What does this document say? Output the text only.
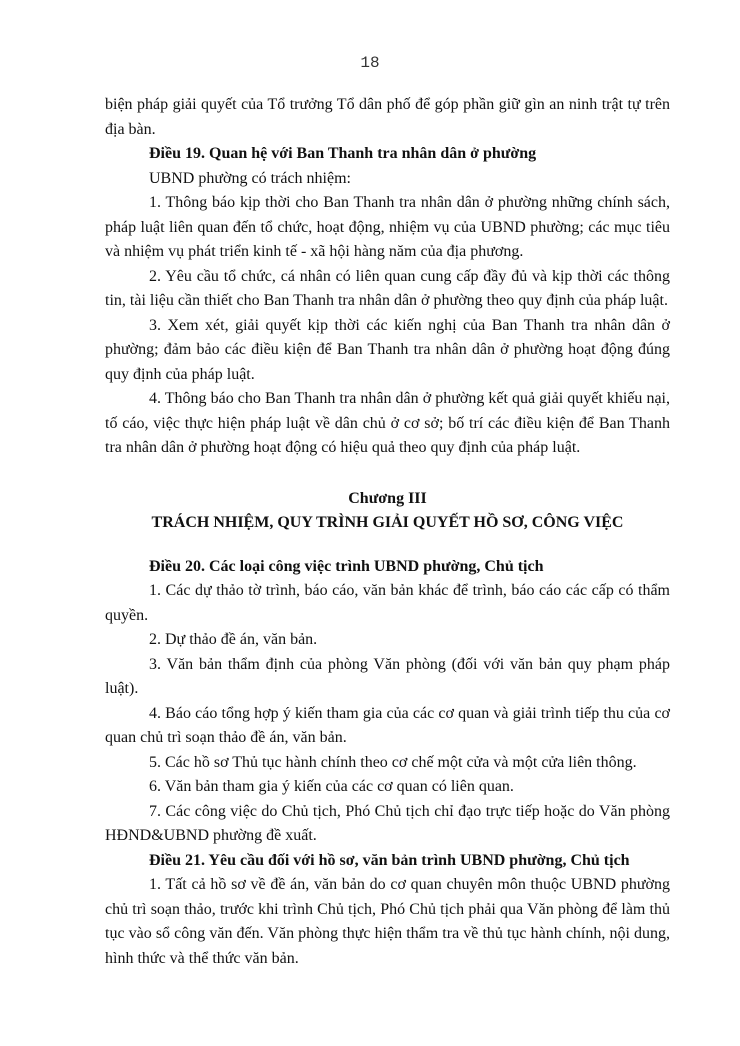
18

biện pháp giải quyết của Tổ trưởng Tổ dân phố để góp phần giữ gìn an ninh trật tự trên địa bàn.

Điều 19. Quan hệ với Ban Thanh tra nhân dân ở phường

UBND phường có trách nhiệm:

1. Thông báo kịp thời cho Ban Thanh tra nhân dân ở phường những chính sách, pháp luật liên quan đến tổ chức, hoạt động, nhiệm vụ của UBND phường; các mục tiêu và nhiệm vụ phát triển kinh tế - xã hội hàng năm của địa phương.

2. Yêu cầu tổ chức, cá nhân có liên quan cung cấp đầy đủ và kịp thời các thông tin, tài liệu cần thiết cho Ban Thanh tra nhân dân ở phường theo quy định của pháp luật.

3. Xem xét, giải quyết kịp thời các kiến nghị của Ban Thanh tra nhân dân ở phường; đảm bảo các điều kiện để Ban Thanh tra nhân dân ở phường hoạt động đúng quy định của pháp luật.

4. Thông báo cho Ban Thanh tra nhân dân ở phường kết quả giải quyết khiếu nại, tố cáo, việc thực hiện pháp luật về dân chủ ở cơ sở; bố trí các điều kiện để Ban Thanh tra nhân dân ở phường hoạt động có hiệu quả theo quy định của pháp luật.

Chương III

TRÁCH NHIỆM, QUY TRÌNH GIẢI QUYẾT HỒ SƠ, CÔNG VIỆC

Điều 20. Các loại công việc trình UBND phường, Chủ tịch

1. Các dự thảo tờ trình, báo cáo, văn bản khác để trình, báo cáo các cấp có thẩm quyền.

2. Dự thảo đề án, văn bản.

3. Văn bản thẩm định của phòng Văn phòng (đối với văn bản quy phạm pháp luật).

4. Báo cáo tổng hợp ý kiến tham gia của các cơ quan và giải trình tiếp thu của cơ quan chủ trì soạn thảo đề án, văn bản.

5. Các hồ sơ Thủ tục hành chính theo cơ chế một cửa và một cửa liên thông.

6. Văn bản tham gia ý kiến của các cơ quan có liên quan.

7. Các công việc do Chủ tịch, Phó Chủ tịch chỉ đạo trực tiếp hoặc do Văn phòng HĐND&UBND phường đề xuất.

Điều 21. Yêu cầu đối với hồ sơ, văn bản trình UBND phường, Chủ tịch

1. Tất cả hồ sơ về đề án, văn bản do cơ quan chuyên môn thuộc UBND phường chủ trì soạn thảo, trước khi trình Chủ tịch, Phó Chủ tịch phải qua Văn phòng để làm thủ tục vào sổ công văn đến. Văn phòng thực hiện thẩm tra về thủ tục hành chính, nội dung, hình thức và thể thức văn bản.
